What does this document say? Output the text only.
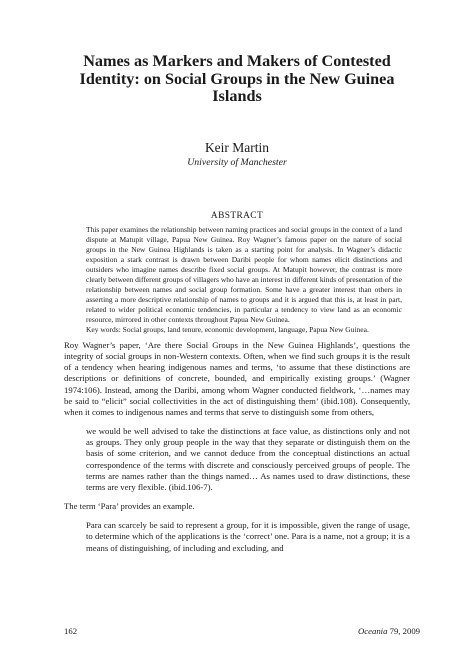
Names as Markers and Makers of Contested Identity: on Social Groups in the New Guinea Islands
Keir Martin
University of Manchester
ABSTRACT

This paper examines the relationship between naming practices and social groups in the context of a land dispute at Matupit village, Papua New Guinea. Roy Wagner’s famous paper on the nature of social groups in the New Guinea Highlands is taken as a starting point for analysis. In Wagner’s didactic exposition a stark contrast is drawn between Daribi people for whom names elicit distinctions and outsiders who imagine names describe fixed social groups. At Matupit however, the contrast is more clearly between different groups of villagers who have an interest in different kinds of presentation of the relationship between names and social group formation. Some have a greater interest than others in asserting a more descriptive relationship of names to groups and it is argued that this is, at least in part, related to wider political economic tendencies, in particular a tendency to view land as an economic resource, mirrored in other contexts throughout Papua New Guinea.
Key words: Social groups, land tenure, economic development, language, Papua New Guinea.

Roy Wagner’s paper, ‘Are there Social Groups in the New Guinea Highlands’, questions the integrity of social groups in non-Western contexts. Often, when we find such groups it is the result of a tendency when hearing indigenous names and terms, ‘to assume that these distinctions are descriptions or definitions of concrete, bounded, and empirically existing groups.’ (Wagner 1974:106). Instead, among the Daribi, among whom Wagner conducted fieldwork, ‘…names may be said to “elicit” social collectivities in the act of distinguishing them’ (ibid.108). Consequently, when it comes to indigenous names and terms that serve to distinguish some from others,

we would be well advised to take the distinctions at face value, as distinctions only and not as groups. They only group people in the way that they separate or distinguish them on the basis of some criterion, and we cannot deduce from the conceptual distinctions an actual correspondence of the terms with discrete and consciously perceived groups of people. The terms are names rather than the things named… As names used to draw distinctions, these terms are very flexible. (ibid.106-7).

The term ‘Para’ provides an example.

Para can scarcely be said to represent a group, for it is impossible, given the range of usage, to determine which of the applications is the ‘correct’ one. Para is a name, not a group; it is a means of distinguishing, of including and excluding, and

162	Oceania 79, 2009
